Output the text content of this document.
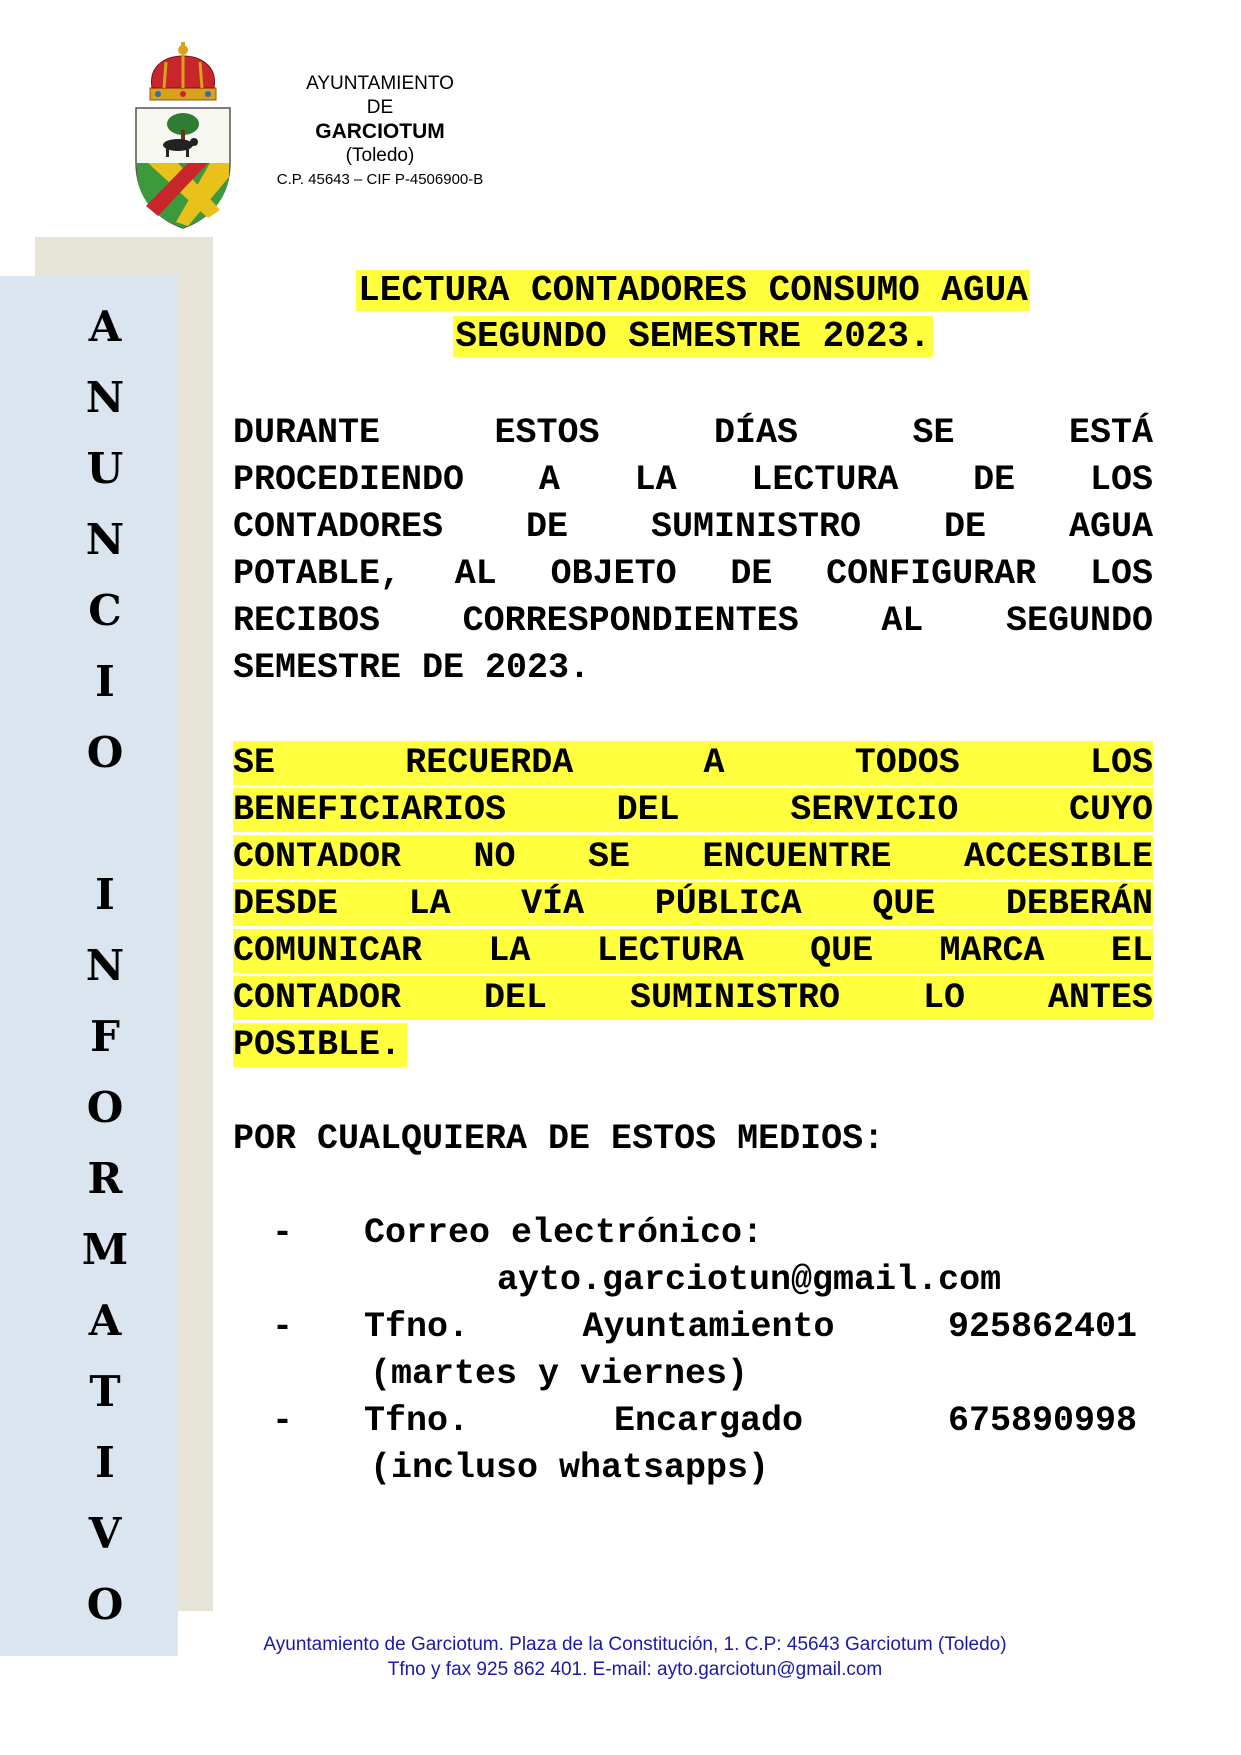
AYUNTAMIENTO
DE
GARCIOTUM
(Toledo)
C.P. 45643 – CIF P-4506900-B
A
N
U
N
C
I
O
I
N
F
O
R
M
A
T
I
V
O
LECTURA CONTADORES CONSUMO AGUA
SEGUNDO SEMESTRE 2023.
DURANTE	ESTOS	DÍAS	SE	ESTÁ
PROCEDIENDO A LA LECTURA DE LOS
CONTADORES DE SUMINISTRO DE AGUA
POTABLE, AL OBJETO DE CONFIGURAR LOS
RECIBOS CORRESPONDIENTES AL SEGUNDO
SEMESTRE DE 2023.
SE	RECUERDA	A	TODOS	LOS
BENEFICIARIOS	DEL	SERVICIO	CUYO
CONTADOR NO SE ENCUENTRE ACCESIBLE
DESDE LA VÍA PÚBLICA QUE DEBERÁN
COMUNICAR LA LECTURA QUE MARCA EL
CONTADOR DEL SUMINISTRO LO ANTES
POSIBLE.
POR CUALQUIERA DE ESTOS MEDIOS:
- Correo electrónico:
ayto.garciotun@gmail.com
- Tfno.	Ayuntamiento	925862401
(martes y viernes)
- Tfno.	Encargado	675890998
(incluso whatsapps)
Ayuntamiento de Garciotum. Plaza de la Constitución, 1. C.P: 45643 Garciotum (Toledo)
Tfno y fax 925 862 401. E-mail: ayto.garciotun@gmail.com
